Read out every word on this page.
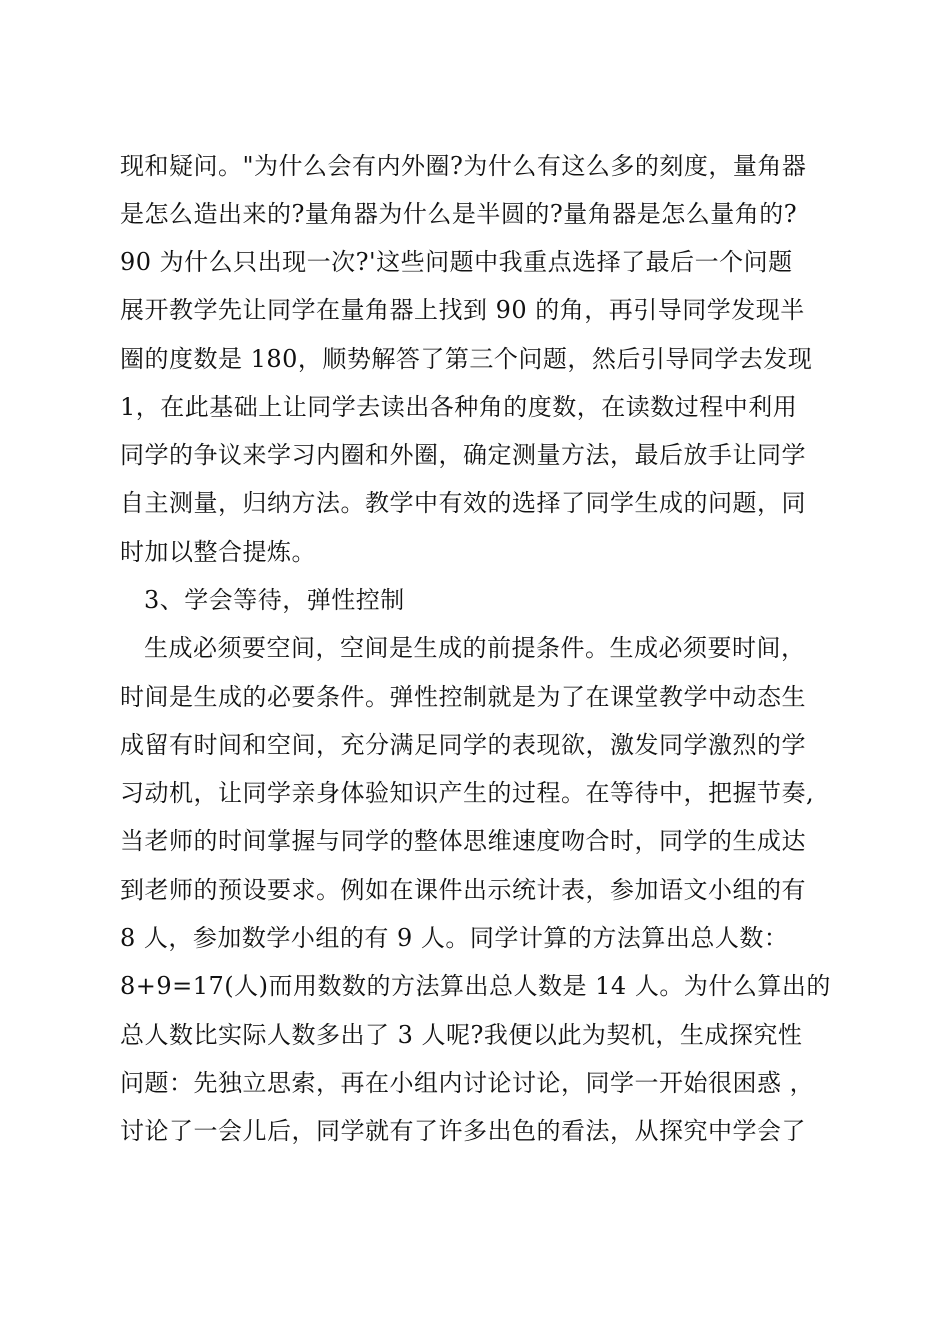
现和疑问。"为什么会有内外圈?为什么有这么多的刻度，量角器
是怎么造出来的?量角器为什么是半圆的?量角器是怎么量角的?
90 为什么只出现一次?'这些问题中我重点选择了最后一个问题
展开教学先让同学在量角器上找到 90 的角，再引导同学发现半
圈的度数是 180，顺势解答了第三个问题，然后引导同学去发现
1，在此基础上让同学去读出各种角的度数，在读数过程中利用
同学的争议来学习内圈和外圈，确定测量方法，最后放手让同学
自主测量，归纳方法。教学中有效的选择了同学生成的问题，同
时加以整合提炼。
3、学会等待，弹性控制
生成必须要空间，空间是生成的前提条件。生成必须要时间，
时间是生成的必要条件。弹性控制就是为了在课堂教学中动态生
成留有时间和空间，充分满足同学的表现欲，激发同学激烈的学
习动机，让同学亲身体验知识产生的过程。在等待中，把握节奏,
当老师的时间掌握与同学的整体思维速度吻合时，同学的生成达
到老师的预设要求。例如在课件出示统计表，参加语文小组的有
8 人，参加数学小组的有 9 人。同学计算的方法算出总人数：
8+9=17(人)而用数数的方法算出总人数是 14 人。为什么算出的
总人数比实际人数多出了 3 人呢?我便以此为契机，生成探究性
问题：先独立思索，再在小组内讨论讨论，同学一开始很困惑 ，
讨论了一会儿后，同学就有了许多出色的看法，从探究中学会了
